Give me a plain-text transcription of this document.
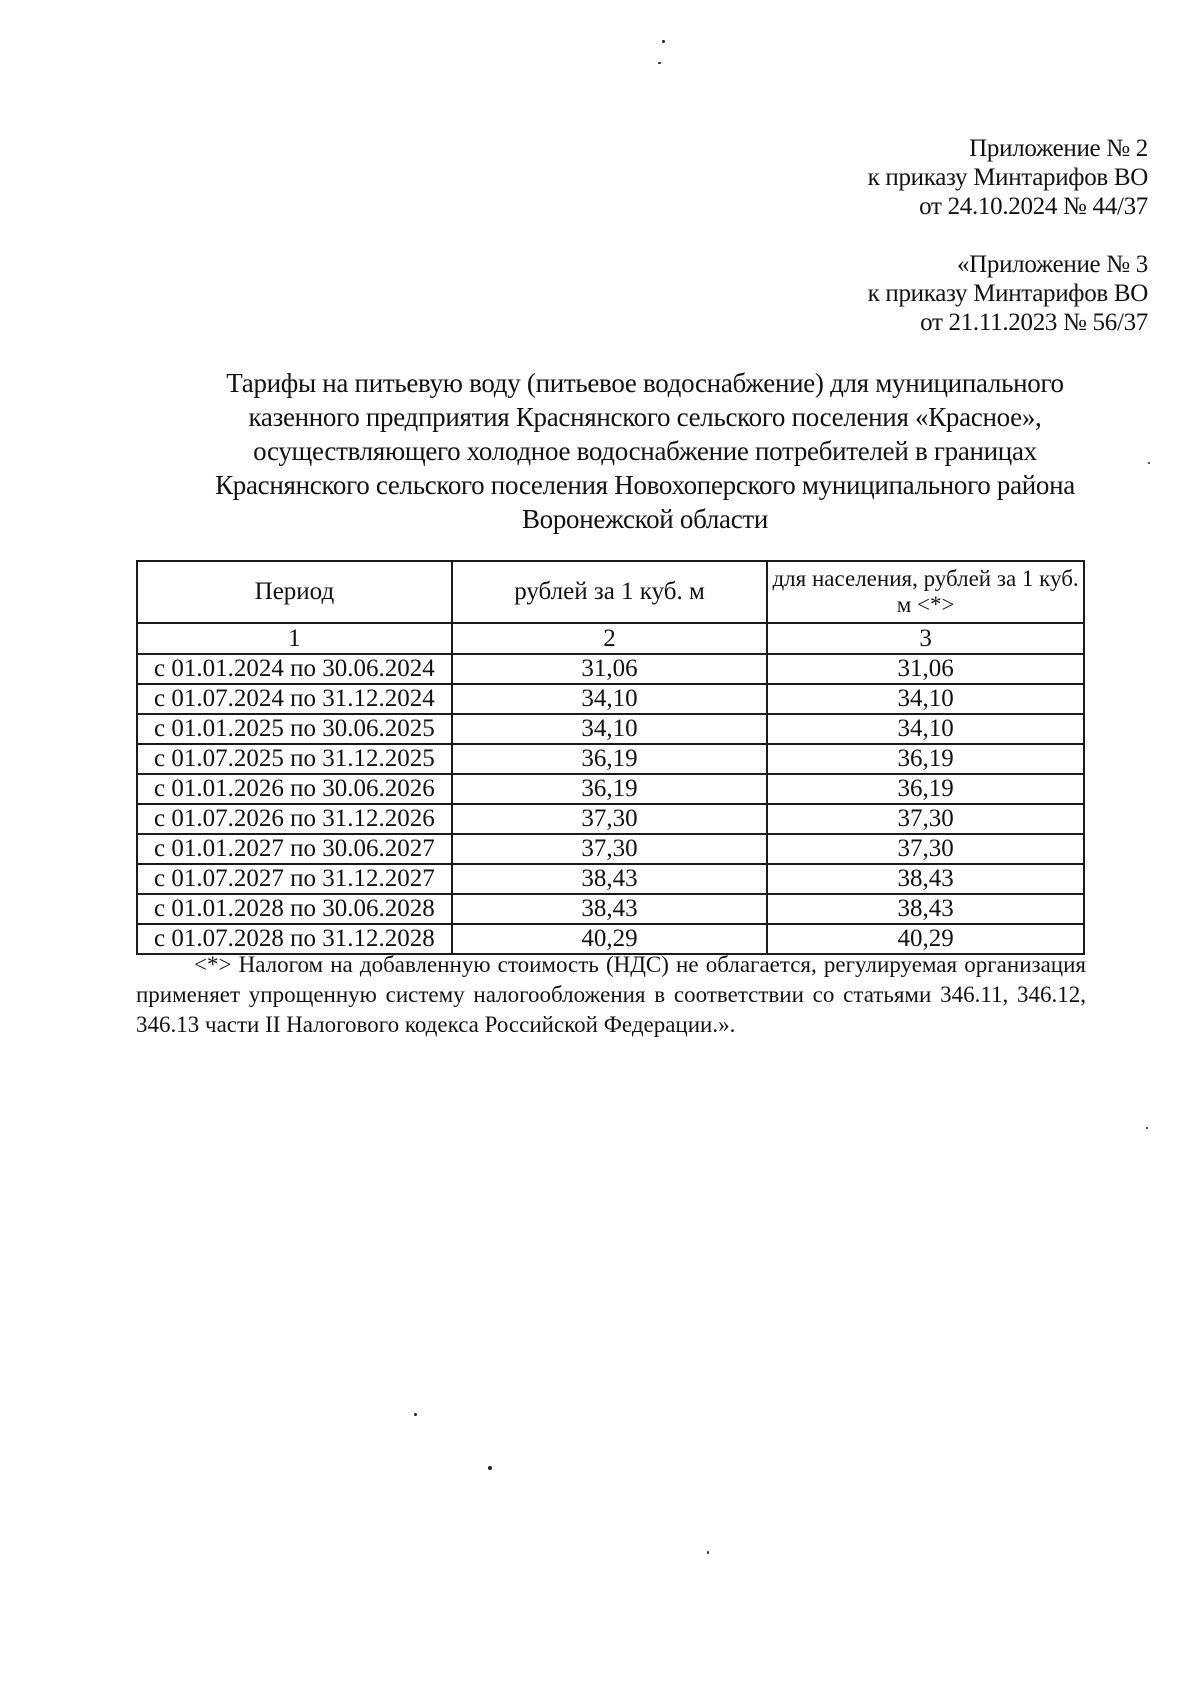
Приложение № 2
к приказу Минтарифов ВО
от 24.10.2024 № 44/37
«Приложение № 3
к приказу Минтарифов ВО
от 21.11.2023 № 56/37
Тарифы на питьевую воду (питьевое водоснабжение) для муниципального
казенного предприятия Краснянского сельского поселения «Красное»,
осуществляющего холодное водоснабжение потребителей в границах
Краснянского сельского поселения Новохоперского муниципального района
Воронежской области
Период	рублей за 1 куб. м	для населения, рублей за 1 куб. м <*>
1	2	3
с 01.01.2024 по 30.06.2024	31,06	31,06
с 01.07.2024 по 31.12.2024	34,10	34,10
с 01.01.2025 по 30.06.2025	34,10	34,10
с 01.07.2025 по 31.12.2025	36,19	36,19
с 01.01.2026 по 30.06.2026	36,19	36,19
с 01.07.2026 по 31.12.2026	37,30	37,30
с 01.01.2027 по 30.06.2027	37,30	37,30
с 01.07.2027 по 31.12.2027	38,43	38,43
с 01.01.2028 по 30.06.2028	38,43	38,43
с 01.07.2028 по 31.12.2028	40,29	40,29
<*> Налогом на добавленную стоимость (НДС) не облагается, регулируемая организация применяет упрощенную систему налогообложения в соответствии со статьями 346.11, 346.12, 346.13 части II Налогового кодекса Российской Федерации.».
